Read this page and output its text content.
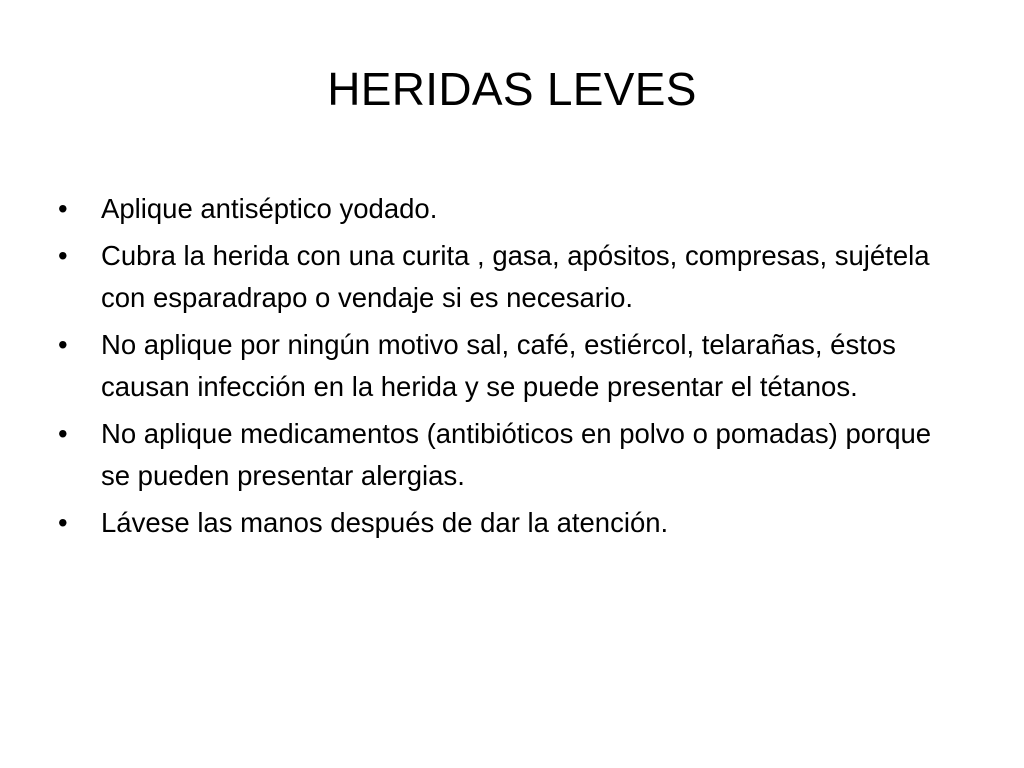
HERIDAS LEVES
•	Aplique antiséptico yodado.
•	Cubra la herida con una curita , gasa, apósitos, compresas, sujétela con esparadrapo o vendaje si es necesario.
•	No aplique por ningún motivo sal, café, estiércol, telarañas, éstos causan infección en la herida y se puede presentar el tétanos.
•	No aplique medicamentos (antibióticos en polvo o pomadas) porque se pueden presentar alergias.
•	Lávese las manos después de dar la atención.
